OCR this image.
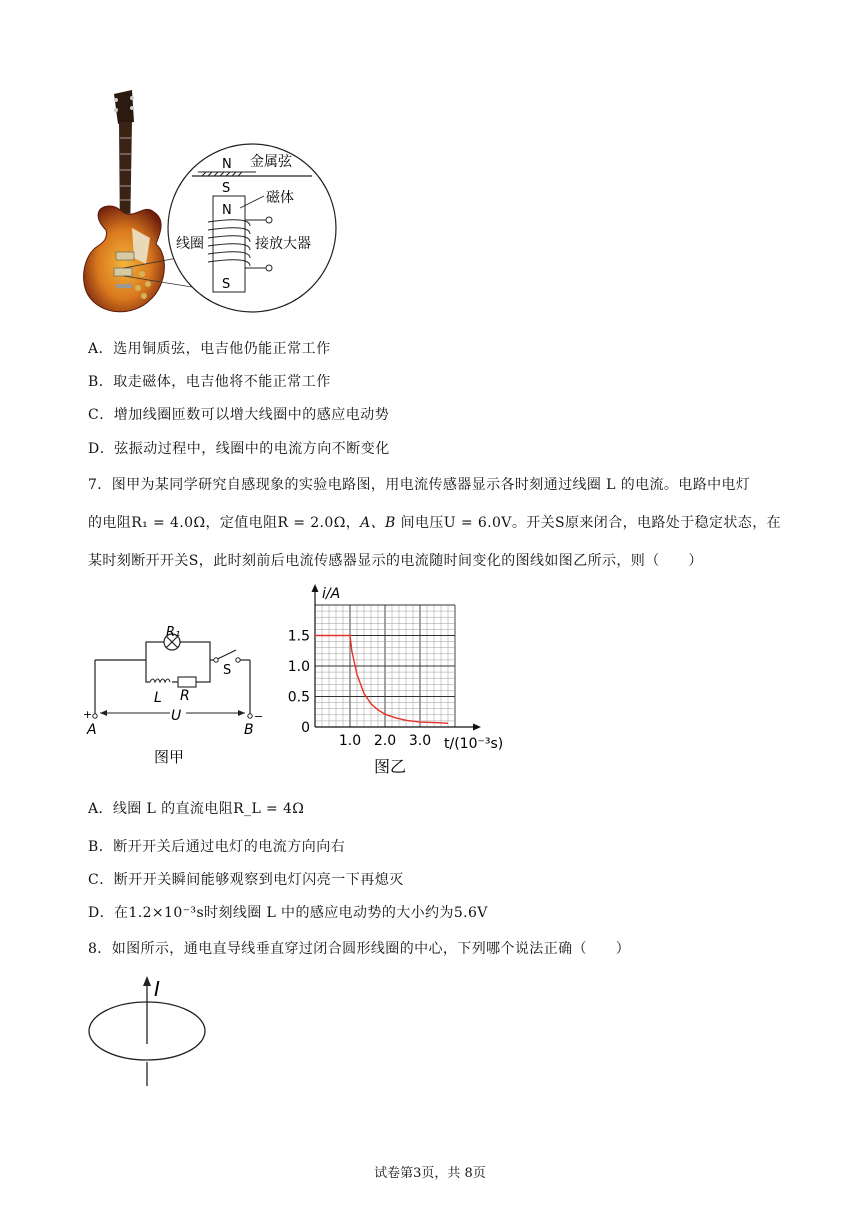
N 金属弦
S
N
S
磁体
线圈	接放大器
A．选用铜质弦，电吉他仍能正常工作
B．取走磁体，电吉他将不能正常工作
C．增加线圈匝数可以增大线圈中的感应电动势
D．弦振动过程中，线圈中的电流方向不断变化
7．图甲为某同学研究自感现象的实验电路图，用电流传感器显示各时刻通过线圈 L 的电流。电路中电灯
的电阻R₁ = 4.0Ω，定值电阻R = 2.0Ω，A、B 间电压U = 6.0V。开关S原来闭合，电路处于稳定状态，在
某时刻断开开关S，此时刻前后电流传感器显示的电流随时间变化的图线如图乙所示，则（　　）
R₁
S
L R
U
+	−
A	B
图甲
1.0 2.0 3.0
0
0.5
1.0
1.5
i/A
t/(10⁻³s)
图乙
A．线圈 L 的直流电阻R_L = 4Ω
B．断开开关后通过电灯的电流方向向右
C．断开开关瞬间能够观察到电灯闪亮一下再熄灭
D．在1.2×10⁻³s时刻线圈 L 中的感应电动势的大小约为5.6V
8．如图所示，通电直导线垂直穿过闭合圆形线圈的中心，下列哪个说法正确（　　）
I
试卷第3页，共 8页
